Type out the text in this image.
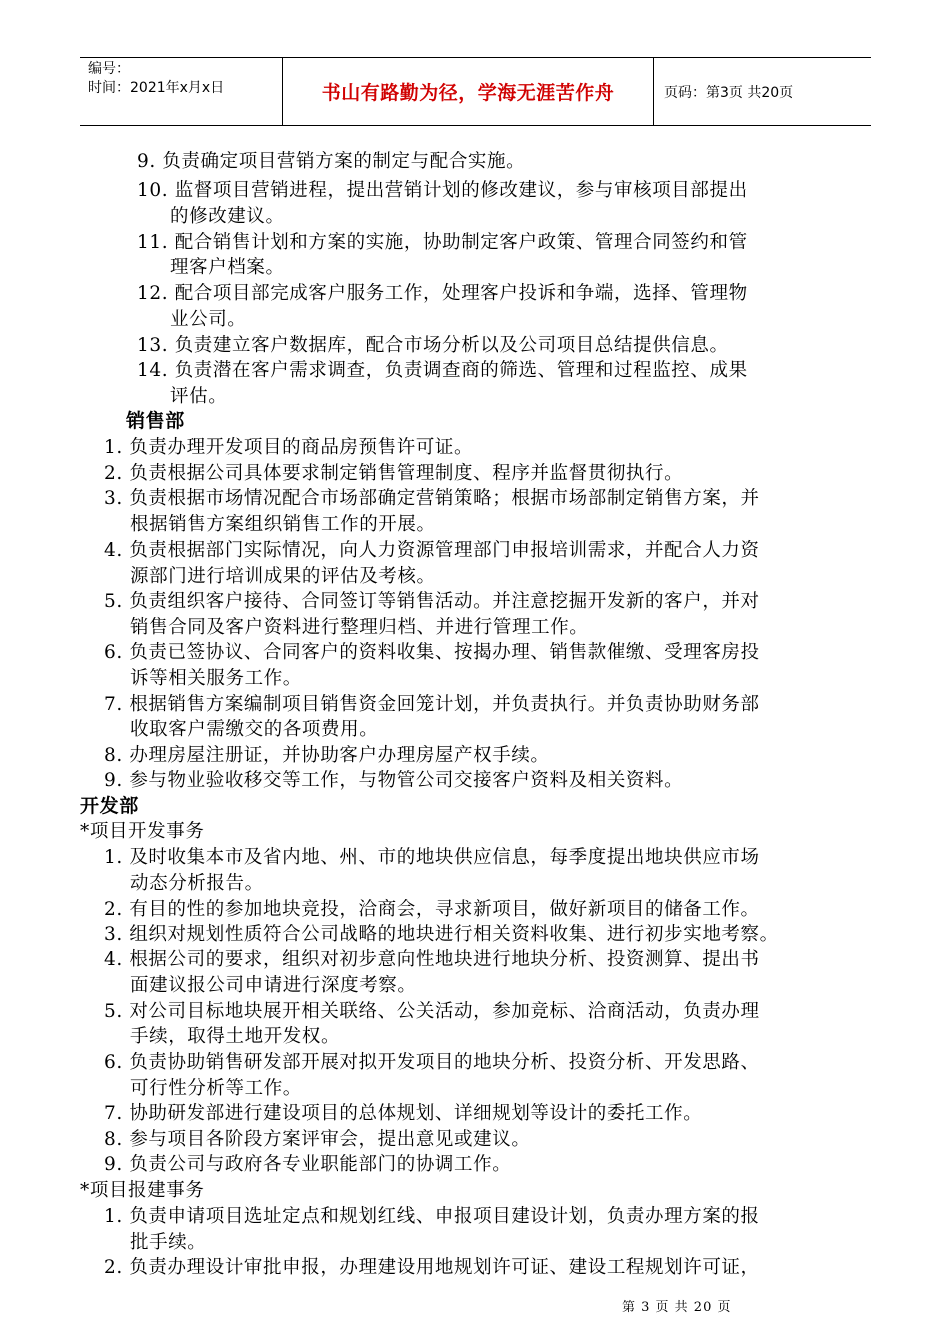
编号：
时间：2021年x月x日	书山有路勤为径，学海无涯苦作舟	页码：第3页 共20页
9. 负责确定项目营销方案的制定与配合实施。
10. 监督项目营销进程，提出营销计划的修改建议，参与审核项目部提出
的修改建议。
11. 配合销售计划和方案的实施，协助制定客户政策、管理合同签约和管
理客户档案。
12. 配合项目部完成客户服务工作，处理客户投诉和争端，选择、管理物
业公司。
13. 负责建立客户数据库，配合市场分析以及公司项目总结提供信息。
14. 负责潜在客户需求调查，负责调查商的筛选、管理和过程监控、成果
评估。
销售部
1. 负责办理开发项目的商品房预售许可证。
2. 负责根据公司具体要求制定销售管理制度、程序并监督贯彻执行。
3. 负责根据市场情况配合市场部确定营销策略；根据市场部制定销售方案，并
根据销售方案组织销售工作的开展。
4. 负责根据部门实际情况，向人力资源管理部门申报培训需求，并配合人力资
源部门进行培训成果的评估及考核。
5. 负责组织客户接待、合同签订等销售活动。并注意挖掘开发新的客户，并对
销售合同及客户资料进行整理归档、并进行管理工作。
6. 负责已签协议、合同客户的资料收集、按揭办理、销售款催缴、受理客房投
诉等相关服务工作。
7. 根据销售方案编制项目销售资金回笼计划，并负责执行。并负责协助财务部
收取客户需缴交的各项费用。
8. 办理房屋注册证，并协助客户办理房屋产权手续。
9. 参与物业验收移交等工作，与物管公司交接客户资料及相关资料。
开发部
*项目开发事务
1. 及时收集本市及省内地、州、市的地块供应信息，每季度提出地块供应市场
动态分析报告。
2. 有目的性的参加地块竞投，洽商会，寻求新项目，做好新项目的储备工作。
3. 组织对规划性质符合公司战略的地块进行相关资料收集、进行初步实地考察。
4. 根据公司的要求，组织对初步意向性地块进行地块分析、投资测算、提出书
面建议报公司申请进行深度考察。
5. 对公司目标地块展开相关联络、公关活动，参加竞标、洽商活动，负责办理
手续，取得土地开发权。
6. 负责协助销售研发部开展对拟开发项目的地块分析、投资分析、开发思路、
可行性分析等工作。
7. 协助研发部进行建设项目的总体规划、详细规划等设计的委托工作。
8. 参与项目各阶段方案评审会，提出意见或建议。
9. 负责公司与政府各专业职能部门的协调工作。
*项目报建事务
1. 负责申请项目选址定点和规划红线、申报项目建设计划，负责办理方案的报
批手续。
2. 负责办理设计审批申报，办理建设用地规划许可证、建设工程规划许可证，
第 3 页 共 20 页
